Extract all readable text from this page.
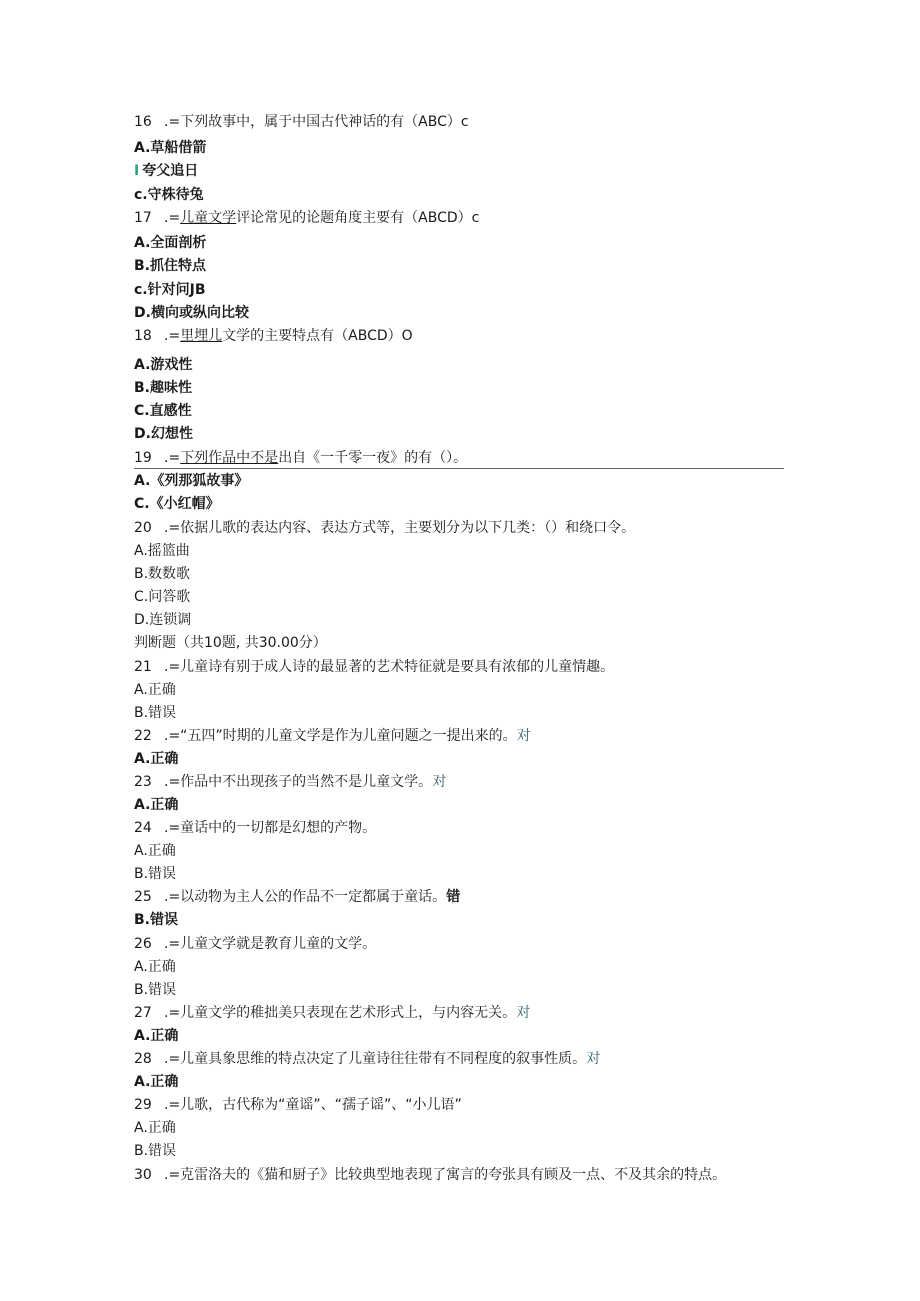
16 .=下列故事中，属于中国古代神话的有（ABC）c
A.草船借箭
I 夸父追日
c.守株待兔
17 .=儿童文学评论常见的论题角度主要有（ABCD）c
A.全面剖析
B.抓住特点
c.针对问JB
D.横向或纵向比较
18 .=里埋儿文学的主要特点有（ABCD）O
A.游戏性
B.趣味性
C.直感性
D.幻想性
19 .=下列作品中不是出自《一千零一夜》的有（）。
A.《列那狐故事》
C.《小红帽》
20 .=依据儿歌的表达内容、表达方式等，主要划分为以下几类：（）和绕口令。
A.摇篮曲
B.数数歌
C.问答歌
D.连锁调
判断题（共10题, 共30.00分）
21 .=儿童诗有别于成人诗的最显著的艺术特征就是要具有浓郁的儿童情趣。
A.正确
B.错误
22 .=“五四”时期的儿童文学是作为儿童问题之一提出来的。对
A.正确
23 .=作品中不出现孩子的当然不是儿童文学。对
A.正确
24 .=童话中的一切都是幻想的产物。
A.正确
B.错误
25 .=以动物为主人公的作品不一定都属于童话。错
B.错误
26 .=儿童文学就是教育儿童的文学。
A.正确
B.错误
27 .=儿童文学的稚拙美只表现在艺术形式上，与内容无关。对
A.正确
28 .=儿童具象思维的特点决定了儿童诗往往带有不同程度的叙事性质。对
A.正确
29 .=儿歌，古代称为“童谣”、“孺子谣”、“小儿语”
A.正确
B.错误
30 .=克雷洛夫的《猫和厨子》比较典型地表现了寓言的夸张具有顾及一点、不及其余的特点。
